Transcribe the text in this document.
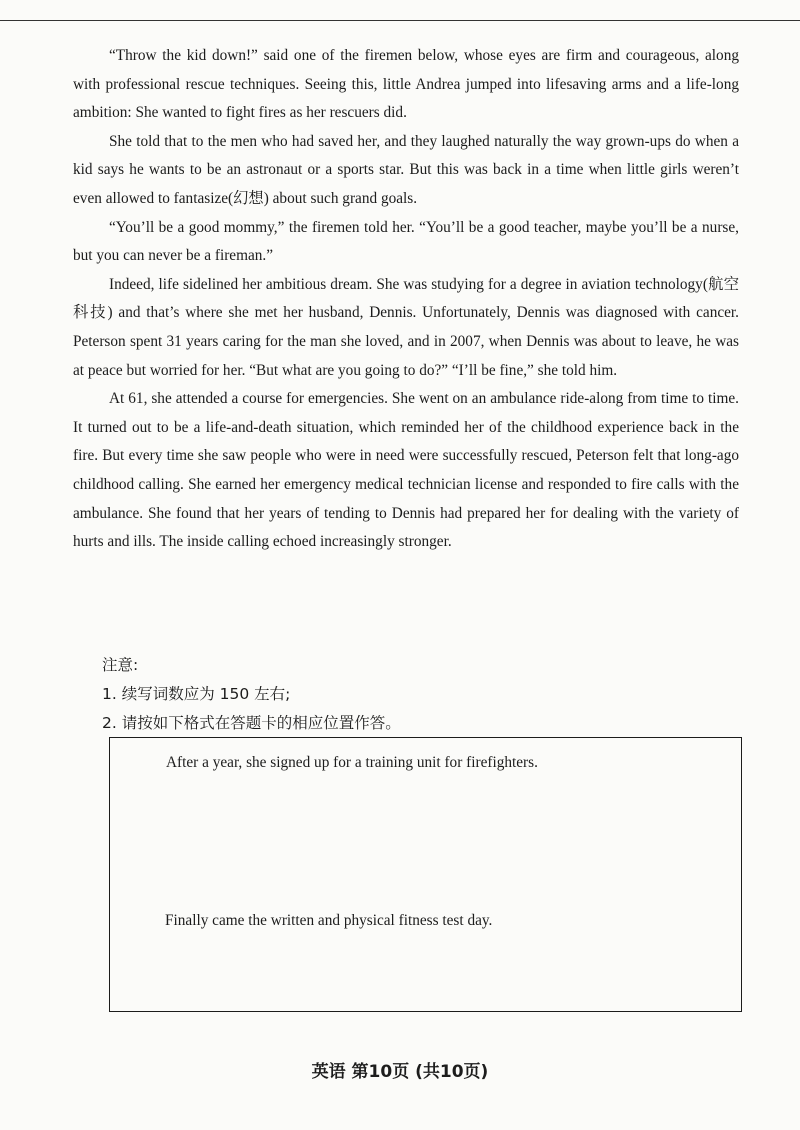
“Throw the kid down!” said one of the firemen below, whose eyes are firm and courageous, along with professional rescue techniques. Seeing this, little Andrea jumped into lifesaving arms and a life-long ambition: She wanted to fight fires as her rescuers did.

She told that to the men who had saved her, and they laughed naturally the way grown-ups do when a kid says he wants to be an astronaut or a sports star. But this was back in a time when little girls weren’t even allowed to fantasize(幻想) about such grand goals.

“You’ll be a good mommy,” the firemen told her. “You’ll be a good teacher, maybe you’ll be a nurse, but you can never be a fireman.”

Indeed, life sidelined her ambitious dream. She was studying for a degree in aviation technology(航空科技) and that’s where she met her husband, Dennis. Unfortunately, Dennis was diagnosed with cancer. Peterson spent 31 years caring for the man she loved, and in 2007, when Dennis was about to leave, he was at peace but worried for her. “But what are you going to do?” “I’ll be fine,” she told him.

At 61, she attended a course for emergencies. She went on an ambulance ride-along from time to time. It turned out to be a life-and-death situation, which reminded her of the childhood experience back in the fire. But every time she saw people who were in need were successfully rescued, Peterson felt that long-ago childhood calling. She earned her emergency medical technician license and responded to fire calls with the ambulance. She found that her years of tending to Dennis had prepared her for dealing with the variety of hurts and ills. The inside calling echoed increasingly stronger.

注意:
1. 续写词数应为 150 左右;
2. 请按如下格式在答题卡的相应位置作答。
After a year, she signed up for a training unit for firefighters.
Finally came the written and physical fitness test day.
英语 第10页 (共10页)
